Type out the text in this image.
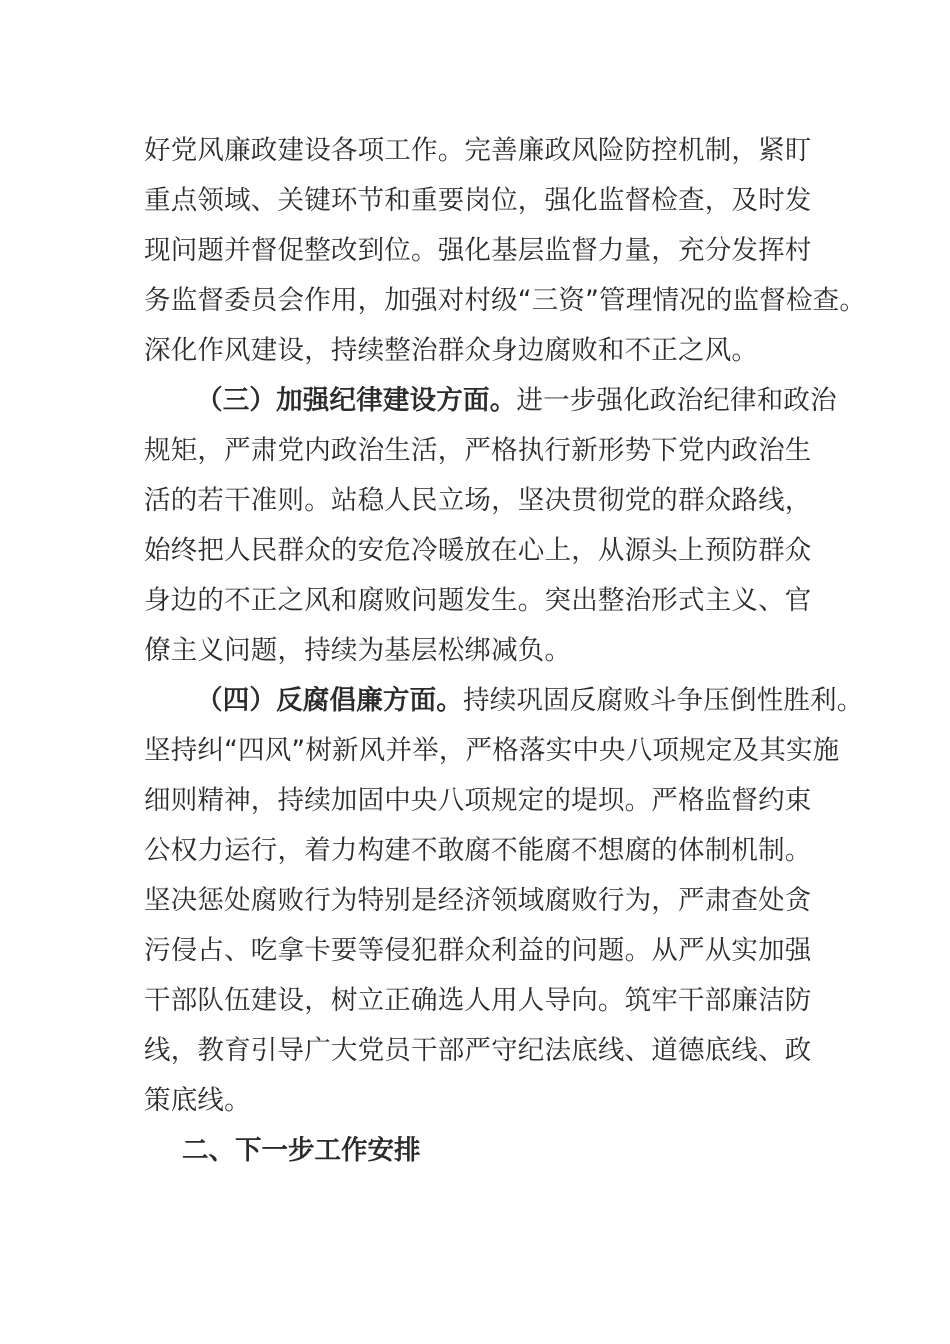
好党风廉政建设各项工作。完善廉政风险防控机制，紧盯
重点领域、关键环节和重要岗位，强化监督检查，及时发
现问题并督促整改到位。强化基层监督力量，充分发挥村
务监督委员会作用，加强对村级“三资”管理情况的监督检查。
深化作风建设，持续整治群众身边腐败和不正之风。
（三）加强纪律建设方面。进一步强化政治纪律和政治
规矩，严肃党内政治生活，严格执行新形势下党内政治生
活的若干准则。站稳人民立场，坚决贯彻党的群众路线，
始终把人民群众的安危冷暖放在心上，从源头上预防群众
身边的不正之风和腐败问题发生。突出整治形式主义、官
僚主义问题，持续为基层松绑减负。
（四）反腐倡廉方面。持续巩固反腐败斗争压倒性胜利。
坚持纠“四风”树新风并举，严格落实中央八项规定及其实施
细则精神，持续加固中央八项规定的堤坝。严格监督约束
公权力运行，着力构建不敢腐不能腐不想腐的体制机制。
坚决惩处腐败行为特别是经济领域腐败行为，严肃查处贪
污侵占、吃拿卡要等侵犯群众利益的问题。从严从实加强
干部队伍建设，树立正确选人用人导向。筑牢干部廉洁防
线，教育引导广大党员干部严守纪法底线、道德底线、政
策底线。
二、下一步工作安排
